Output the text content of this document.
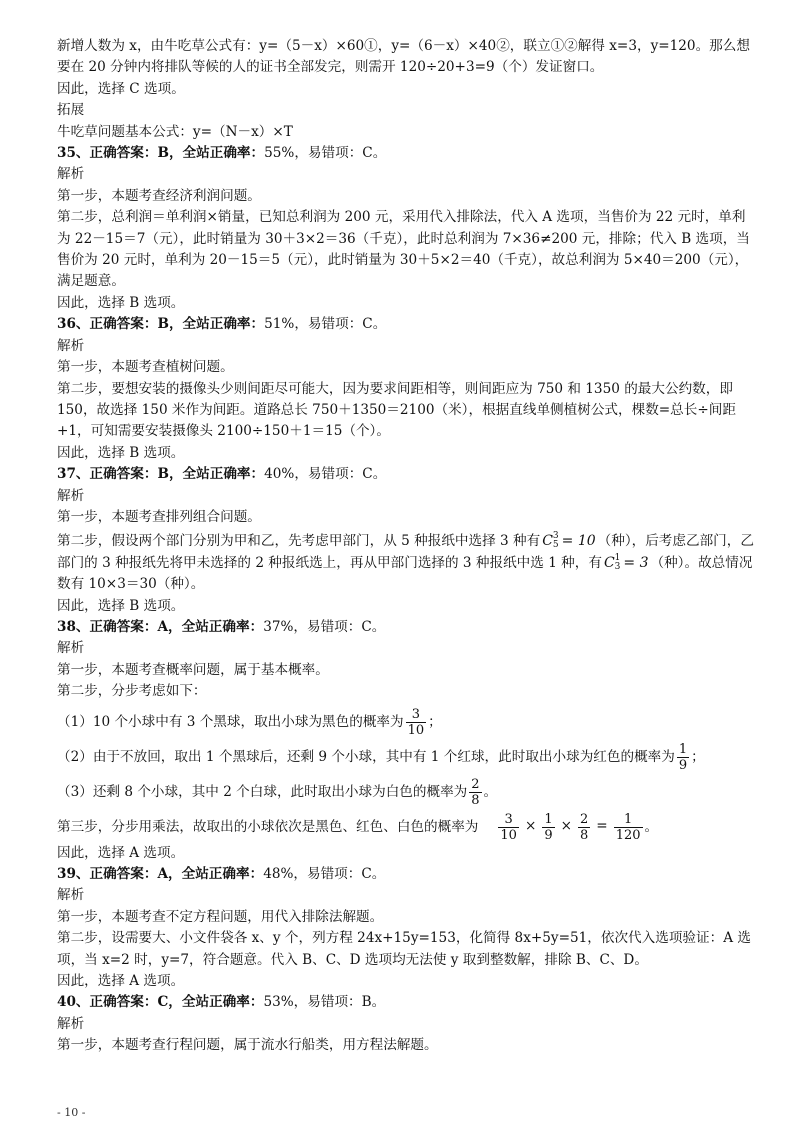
新增人数为 x，由牛吃草公式有：y=（5－x）×60①，y=（6－x）×40②，联立①②解得 x=3，y=120。那么想要在 20 分钟内将排队等候的人的证书全部发完，则需开 120÷20+3=9（个）发证窗口。

因此，选择 C 选项。

拓展

牛吃草问题基本公式：y=（N－x）×T

35、正确答案：B，全站正确率：55%，易错项：C。

解析

第一步，本题考查经济利润问题。

第二步，总利润＝单利润×销量，已知总利润为 200 元，采用代入排除法，代入 A 选项，当售价为 22 元时，单利为 22－15＝7（元），此时销量为 30＋3×2＝36（千克），此时总利润为 7×36≠200 元，排除；代入 B 选项，当售价为 20 元时，单利为 20－15＝5（元），此时销量为 30＋5×2＝40（千克），故总利润为 5×40＝200（元），满足题意。

因此，选择 B 选项。

36、正确答案：B，全站正确率：51%，易错项：C。

解析

第一步，本题考查植树问题。

第二步，要想安装的摄像头少则间距尽可能大，因为要求间距相等，则间距应为 750 和 1350 的最大公约数，即 150，故选择 150 米作为间距。道路总长 750＋1350＝2100（米），根据直线单侧植树公式，棵数=总长÷间距+1，可知需要安装摄像头 2100÷150＋1＝15（个）。

因此，选择 B 选项。

37、正确答案：B，全站正确率：40%，易错项：C。

解析

第一步，本题考查排列组合问题。

第二步，假设两个部门分别为甲和乙，先考虑甲部门，从 5 种报纸中选择 3 种有 C 3
5 = 10 （种），后考虑乙部门，乙部门的 3 种报纸先将甲未选择的 2 种报纸选上，再从甲部门选择的 3 种报纸中选 1 种，有 C 1
3 = 3 （种）。故总情况数有 10×3＝30（种）。

因此，选择 B 选项。

38、正确答案：A，全站正确率：37%，易错项：C。

解析

第一步，本题考查概率问题，属于基本概率。

第二步，分步考虑如下：

（1）10 个小球中有 3 个黑球，取出小球为黑色的概率为 $\frac{3}{10}$ ；

（2）由于不放回，取出 1 个黑球后，还剩 9 个小球，其中有 1 个红球，此时取出小球为红色的概率为 $\frac{1}{9}$ ；

（3）还剩 8 个小球，其中 2 个白球，此时取出小球为白色的概率为 $\frac{2}{8}$ 。

第三步，分步用乘法，故取出的小球依次是黑色、红色、白色的概率为 $\frac{3}{10} \times \frac{1}{9} \times \frac{2}{8} = \frac{1}{120}$ 。

因此，选择 A 选项。

39、正确答案：A，全站正确率：48%，易错项：C。

解析

第一步，本题考查不定方程问题，用代入排除法解题。

第二步，设需要大、小文件袋各 x、y 个，列方程 24x+15y=153，化简得 8x+5y=51，依次代入选项验证：A 选项，当 x=2 时，y=7，符合题意。代入 B、C、D 选项均无法使 y 取到整数解，排除 B、C、D。

因此，选择 A 选项。

40、正确答案：C，全站正确率：53%，易错项：B。

解析

第一步，本题考查行程问题，属于流水行船类，用方程法解题。

- 10 -
